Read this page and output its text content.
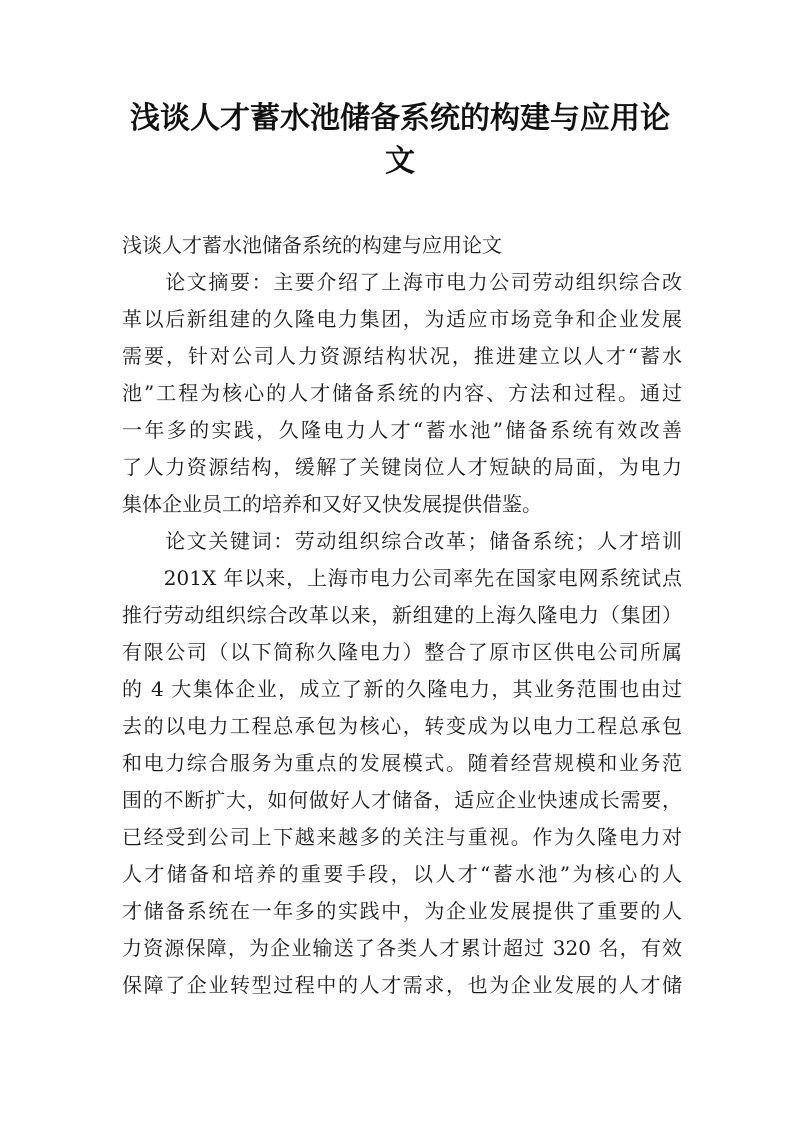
浅谈人才蓄水池储备系统的构建与应用论
文
浅谈人才蓄水池储备系统的构建与应用论文
　　论文摘要：主要介绍了上海市电力公司劳动组织综合改
革以后新组建的久隆电力集团，为适应市场竞争和企业发展
需要，针对公司人力资源结构状况，推进建立以人才“蓄水
池”工程为核心的人才储备系统的内容、方法和过程。通过
一年多的实践，久隆电力人才“蓄水池”储备系统有效改善
了人力资源结构，缓解了关键岗位人才短缺的局面，为电力
集体企业员工的培养和又好又快发展提供借鉴。
　　论文关键词：劳动组织综合改革；储备系统；人才培训
　　201X 年以来，上海市电力公司率先在国家电网系统试点
推行劳动组织综合改革以来，新组建的上海久隆电力（集团）
有限公司（以下简称久隆电力）整合了原市区供电公司所属
的 4 大集体企业，成立了新的久隆电力，其业务范围也由过
去的以电力工程总承包为核心，转变成为以电力工程总承包
和电力综合服务为重点的发展模式。随着经营规模和业务范
围的不断扩大，如何做好人才储备，适应企业快速成长需要，
已经受到公司上下越来越多的关注与重视。作为久隆电力对
人才储备和培养的重要手段，以人才“蓄水池”为核心的人
才储备系统在一年多的实践中，为企业发展提供了重要的人
力资源保障，为企业输送了各类人才累计超过 320 名，有效
保障了企业转型过程中的人才需求，也为企业发展的人才储
